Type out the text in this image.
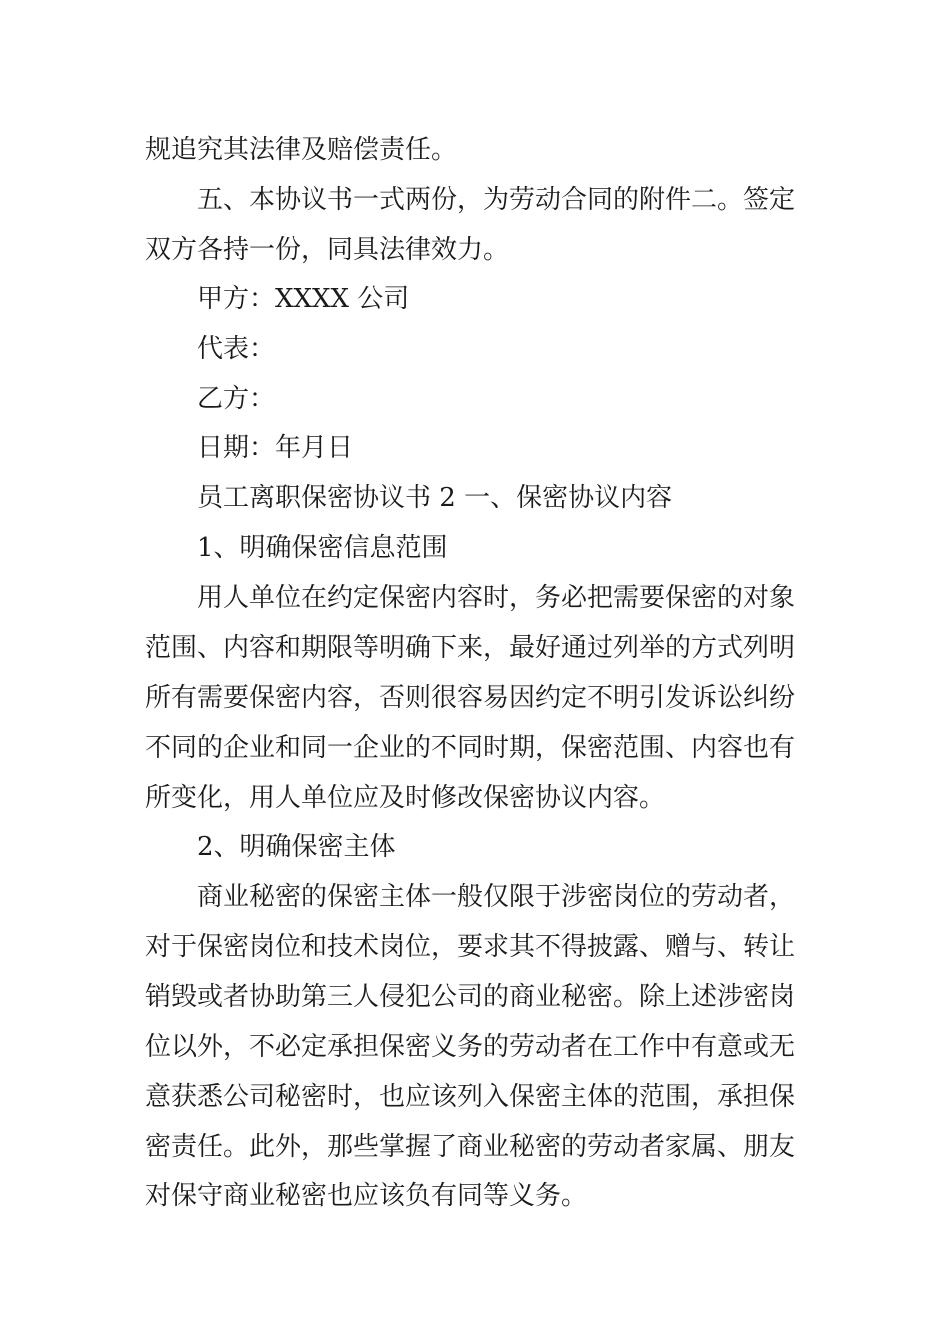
规追究其法律及赔偿责任。

五、本协议书一式两份，为劳动合同的附件二。签定

双方各持一份，同具法律效力。

甲方：XXXX 公司

代表：

乙方：

日期：年月日

员工离职保密协议书 2 一、保密协议内容

1、明确保密信息范围

用人单位在约定保密内容时，务必把需要保密的对象

范围、内容和期限等明确下来，最好通过列举的方式列明

所有需要保密内容，否则很容易因约定不明引发诉讼纠纷

不同的企业和同一企业的不同时期，保密范围、内容也有

所变化，用人单位应及时修改保密协议内容。

2、明确保密主体

商业秘密的保密主体一般仅限于涉密岗位的劳动者，

对于保密岗位和技术岗位，要求其不得披露、赠与、转让

销毁或者协助第三人侵犯公司的商业秘密。除上述涉密岗

位以外，不必定承担保密义务的劳动者在工作中有意或无

意获悉公司秘密时，也应该列入保密主体的范围，承担保

密责任。此外，那些掌握了商业秘密的劳动者家属、朋友

对保守商业秘密也应该负有同等义务。
